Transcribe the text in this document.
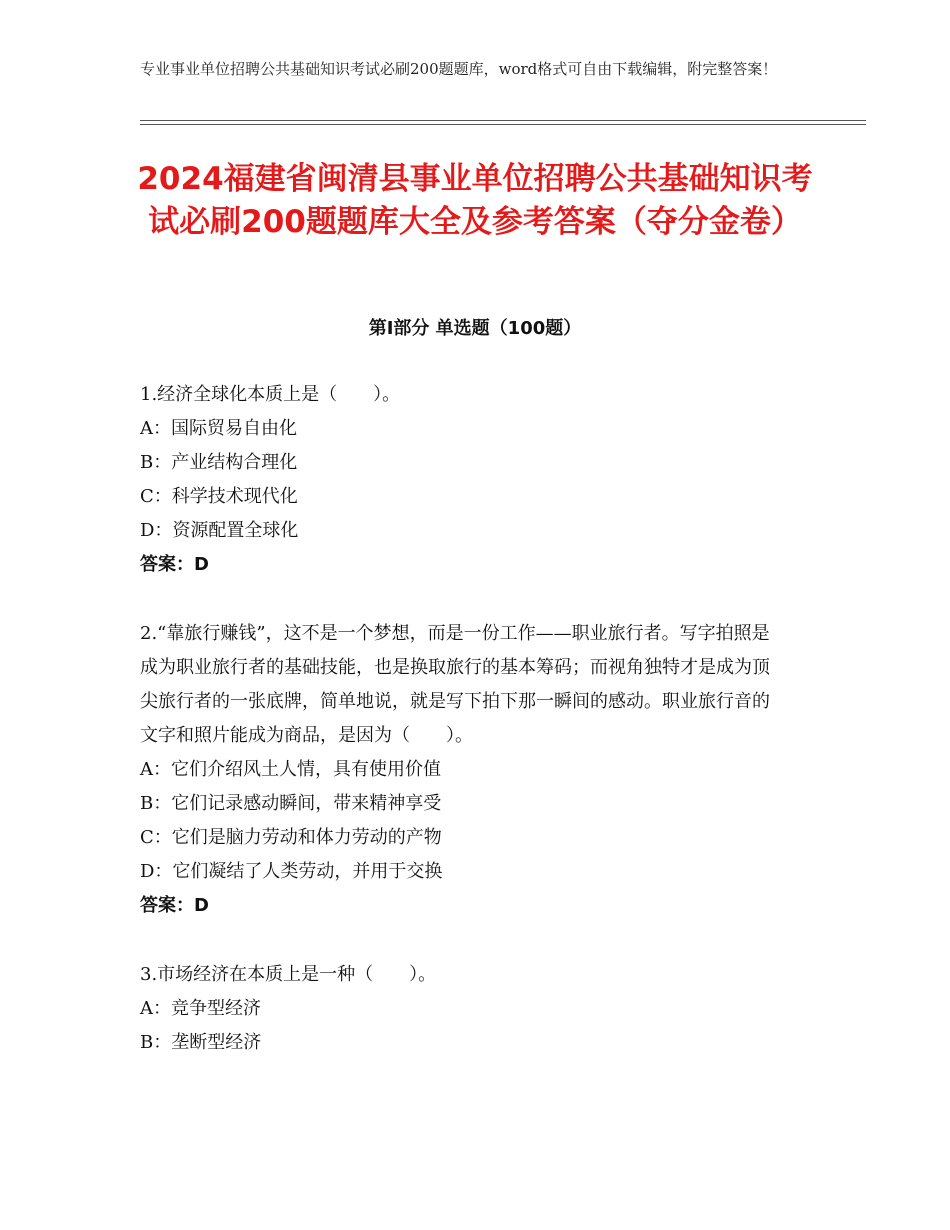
专业事业单位招聘公共基础知识考试必刷200题题库，word格式可自由下载编辑，附完整答案！
2024福建省闽清县事业单位招聘公共基础知识考试必刷200题题库大全及参考答案（夺分金卷）
第I部分 单选题（100题）

1.经济全球化本质上是（　　）。

A：国际贸易自由化

B：产业结构合理化

C：科学技术现代化

D：资源配置全球化

答案：D

2.“靠旅行赚钱”，这不是一个梦想，而是一份工作——职业旅行者。写字拍照是成为职业旅行者的基础技能，也是换取旅行的基本筹码；而视角独特才是成为顶尖旅行者的一张底牌，简单地说，就是写下拍下那一瞬间的感动。职业旅行音的文字和照片能成为商品，是因为（　　）。

A：它们介绍风土人情，具有使用价值

B：它们记录感动瞬间，带来精神享受

C：它们是脑力劳动和体力劳动的产物

D：它们凝结了人类劳动，并用于交换

答案：D

3.市场经济在本质上是一种（　　）。

A：竞争型经济

B：垄断型经济
